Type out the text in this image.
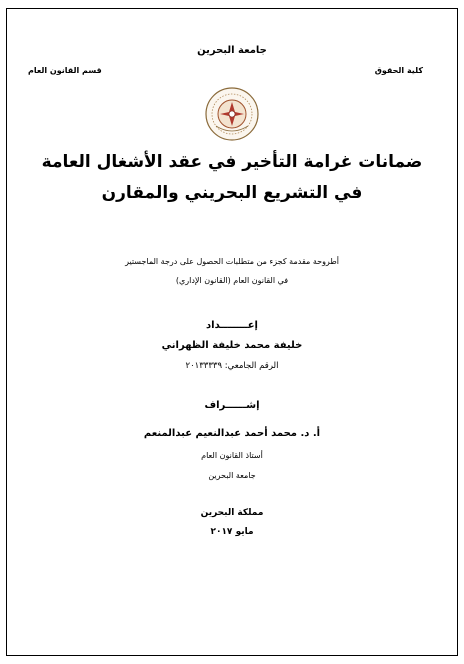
جامعة البحرين
كلية الحقوق
قسم القانون العام
ضمانات غرامة التأخير في عقد الأشغال العامة
في التشريع البحريني والمقارن
أطروحة مقدمة كجزء من متطلبات الحصول على درجة الماجستير
في القانون العام (القانون الإداري)
إعــــــــداد
خليفة محمد خليفة الظهراني
الرقم الجامعي: ٢٠١٣٣٣٣٩
إشــــــراف
أ. د. محمد أحمد عبدالنعيم عبدالمنعم
أستاذ القانون العام
جامعة البحرين
مملكة البحرين
مايو ٢٠١٧
